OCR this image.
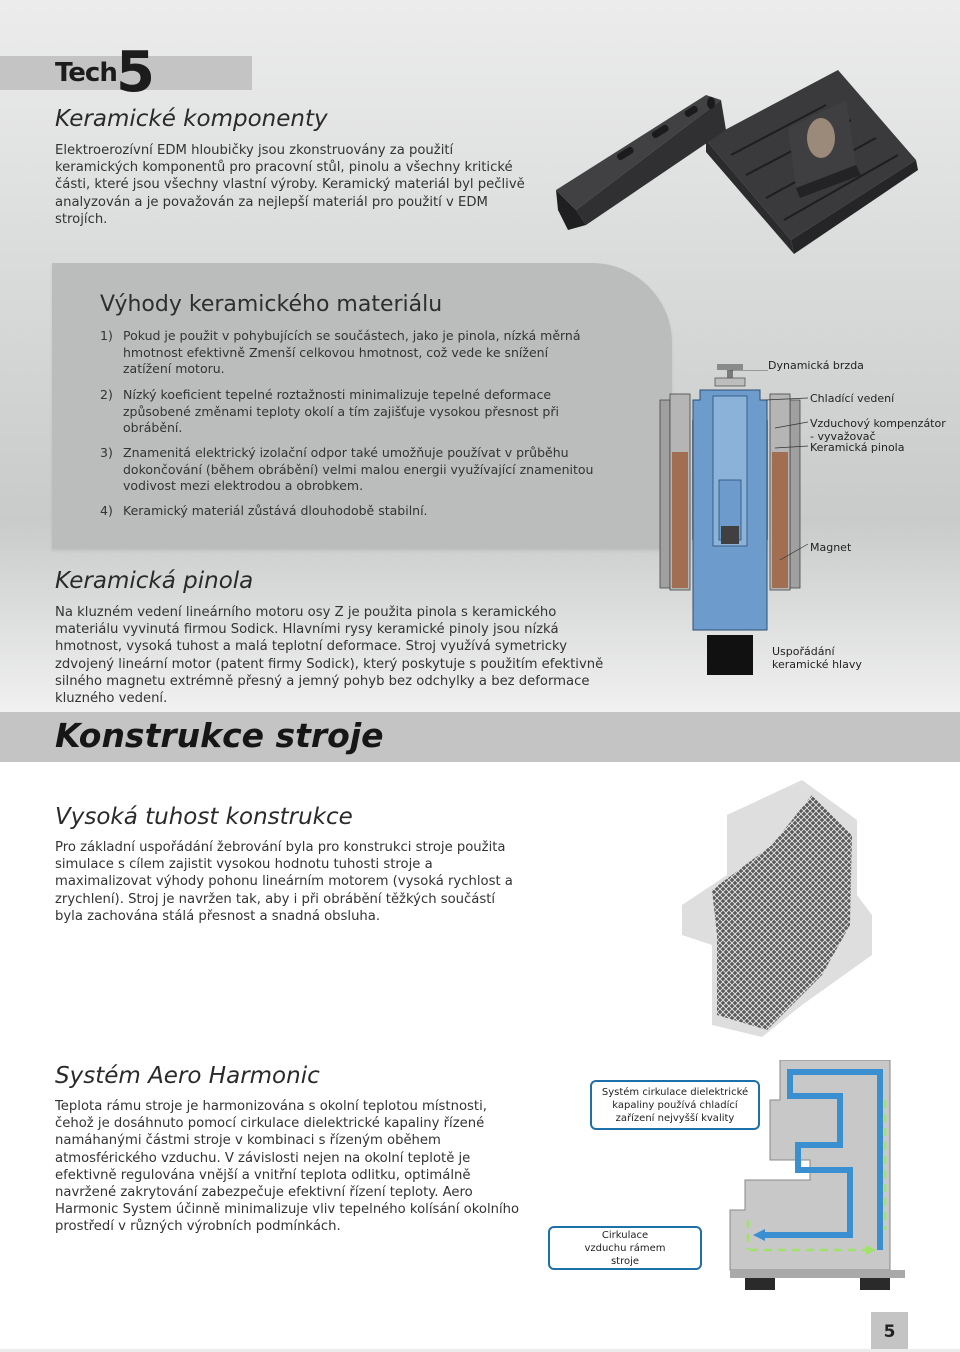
Tech 5
Keramické komponenty
Elektroerozívní EDM hloubičky jsou zkonstruovány za použití keramických komponentů pro pracovní stůl, pinolu a všechny kritické části, které jsou všechny vlastní výroby. Keramický materiál byl pečlivě analyzován a je považován za nejlepší materiál pro použití v EDM strojích.
Výhody keramického materiálu
1) Pokud je použit v pohybujících se součástech, jako je pinola, nízká měrná hmotnost efektivně Zmenší celkovou hmotnost, což vede ke snížení zatížení motoru.
2) Nízký koeficient tepelné roztažnosti minimalizuje tepelné deformace způsobené změnami teploty okolí a tím zajišťuje vysokou přesnost při obrábění.
3) Znamenitá elektrický izolační odpor také umožňuje používat v průběhu dokončování (během obrábění) velmi malou energii využívající znamenitou vodivost mezi elektrodou a obrobkem.
4) Keramický materiál zůstává dlouhodobě stabilní.
Keramická pinola
Na kluzném vedení lineárního motoru osy Z je použita pinola s keramického materiálu vyvinutá firmou Sodick. Hlavními rysy keramické pinoly jsou nízká hmotnost, vysoká tuhost a malá teplotní deformace. Stroj využívá symetricky zdvojený lineární motor (patent firmy Sodick), který poskytuje s použitím efektivně silného magnetu extrémně přesný a jemný pohyb bez odchylky a bez deformace kluzného vedení.
Dynamická brzda
Chladící vedení
Vzduchový kompenzátor - vyvažovač
Keramická pinola
Magnet
Uspořádání keramické hlavy
Konstrukce stroje
Vysoká tuhost konstrukce
Pro základní uspořádání žebrování byla pro konstrukci stroje použita simulace s cílem zajistit vysokou hodnotu tuhosti stroje a maximalizovat výhody pohonu lineárním motorem (vysoká rychlost a zrychlení). Stroj je navržen tak, aby i při obrábění těžkých součástí byla zachována stálá přesnost a snadná obsluha.
Systém Aero Harmonic
Teplota rámu stroje je harmonizována s okolní teplotou místnosti, čehož je dosáhnuto pomocí cirkulace dielektrické kapaliny řízené namáhanými částmi stroje v kombinaci s řízeným oběhem atmosférického vzduchu. V závislosti nejen na okolní teplotě je efektivně regulována vnější a vnitřní teplota odlitku, optimálně navržené zakrytování zabezpečuje efektivní řízení teploty. Aero Harmonic System účinně minimalizuje vliv tepelného kolísání okolního prostředí v různých výrobních podmínkách.
Systém cirkulace dielektrické kapaliny používá chladící zařízení nejvyšší kvality
Cirkulace vzduchu rámem stroje
5
